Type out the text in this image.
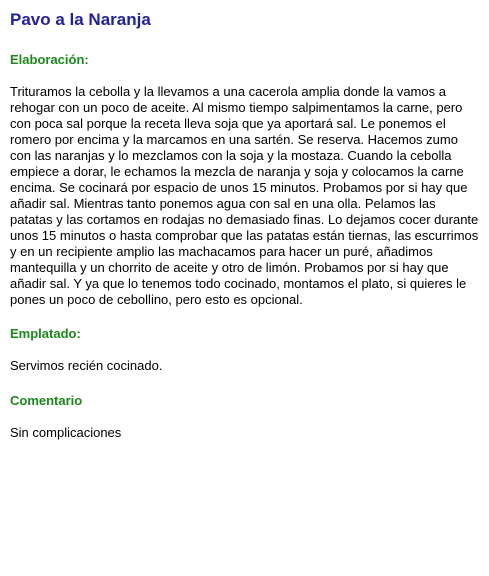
Pavo a la Naranja
Elaboración:

Trituramos la cebolla y la llevamos a una cacerola amplia donde la vamos a rehogar con un poco de aceite. Al mismo tiempo salpimentamos la carne, pero con poca sal porque la receta lleva soja que ya aportará sal. Le ponemos el romero por encima y la marcamos en una sartén. Se reserva. Hacemos zumo con las naranjas y lo mezclamos con la soja y la mostaza. Cuando la cebolla empiece a dorar, le echamos la mezcla de naranja y soja y colocamos la carne encima. Se cocinará por espacio de unos 15 minutos. Probamos por si hay que añadir sal. Mientras tanto ponemos agua con sal en una olla. Pelamos las patatas y las cortamos en rodajas no demasiado finas. Lo dejamos cocer durante unos 15 minutos o hasta comprobar que las patatas están tiernas, las escurrimos y en un recipiente amplio las machacamos para hacer un puré, añadimos mantequilla y un chorrito de aceite y otro de limón. Probamos por si hay que añadir sal. Y ya que lo tenemos todo cocinado, montamos el plato, si quieres le pones un poco de cebollino, pero esto es opcional.

Emplatado:

Servimos recién cocinado.

Comentario

Sin complicaciones
